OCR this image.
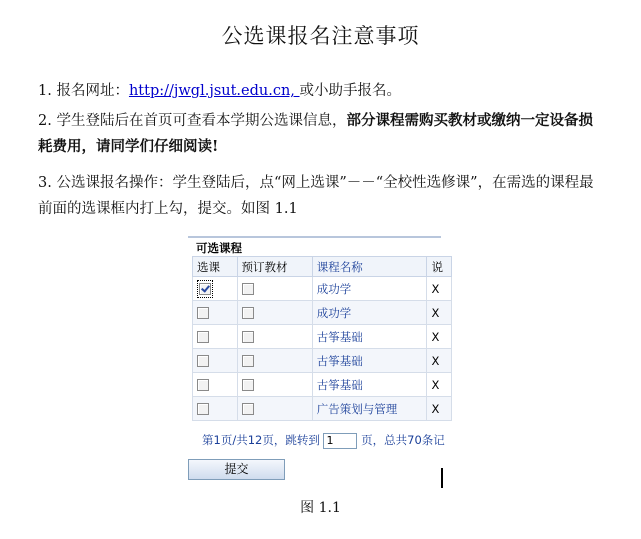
公选课报名注意事项
1. 报名网址：http://jwgl.jsut.edu.cn, 或小助手报名。
2. 学生登陆后在首页可查看本学期公选课信息，部分课程需购买教材或缴纳一定设备损耗费用，请同学们仔细阅读!
3. 公选课报名操作：学生登陆后，点“网上选课”－－“全校性选修课”，在需选的课程最前面的选课框内打上勾，提交。如图 1.1
可选课程
选课	预订教材	课程名称	说
		成功学	X
		成功学	X
		古筝基础	X
		古筝基础	X
		古筝基础	X
		广告策划与管理	X
第1页/共12页，跳转到 1 页，总共70条记
提交
图 1.1
